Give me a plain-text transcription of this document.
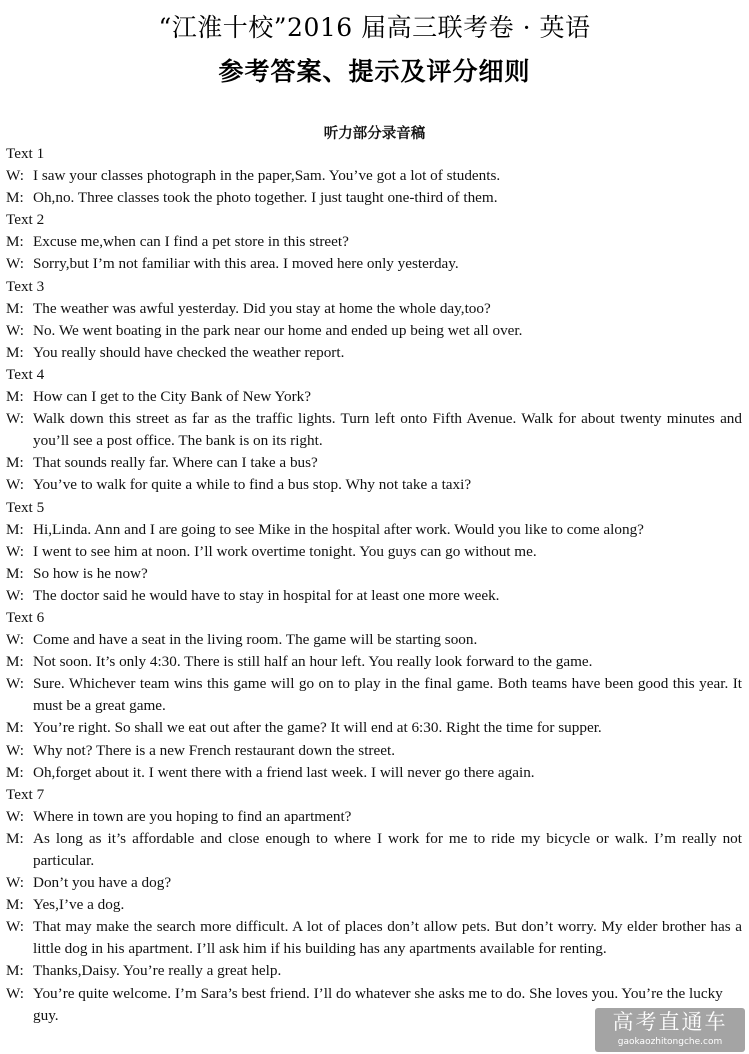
“江淮十校”2016 届高三联考卷 · 英语
参考答案、提示及评分细则
听力部分录音稿
Text 1
W: I saw your classes photograph in the paper,Sam. You’ve got a lot of students.
M: Oh,no. Three classes took the photo together. I just taught one-third of them.
Text 2
M: Excuse me,when can I find a pet store in this street?
W: Sorry,but I’m not familiar with this area. I moved here only yesterday.
Text 3
M: The weather was awful yesterday. Did you stay at home the whole day,too?
W: No. We went boating in the park near our home and ended up being wet all over.
M: You really should have checked the weather report.
Text 4
M: How can I get to the City Bank of New York?
W: Walk down this street as far as the traffic lights. Turn left onto Fifth Avenue. Walk for about twenty minutes and you’ll see a post office. The bank is on its right.
M: That sounds really far. Where can I take a bus?
W: You’ve to walk for quite a while to find a bus stop. Why not take a taxi?
Text 5
M: Hi,Linda. Ann and I are going to see Mike in the hospital after work. Would you like to come along?
W: I went to see him at noon. I’ll work overtime tonight. You guys can go without me.
M: So how is he now?
W: The doctor said he would have to stay in hospital for at least one more week.
Text 6
W: Come and have a seat in the living room. The game will be starting soon.
M: Not soon. It’s only 4:30. There is still half an hour left. You really look forward to the game.
W: Sure. Whichever team wins this game will go on to play in the final game. Both teams have been good this year. It must be a great game.
M: You’re right. So shall we eat out after the game? It will end at 6:30. Right the time for supper.
W: Why not? There is a new French restaurant down the street.
M: Oh,forget about it. I went there with a friend last week. I will never go there again.
Text 7
W: Where in town are you hoping to find an apartment?
M: As long as it’s affordable and close enough to where I work for me to ride my bicycle or walk. I’m really not particular.
W: Don’t you have a dog?
M: Yes,I’ve a dog.
W: That may make the search more difficult. A lot of places don’t allow pets. But don’t worry. My elder brother has a little dog in his apartment. I’ll ask him if his building has any apartments available for renting.
M: Thanks,Daisy. You’re really a great help.
W: You’re quite welcome. I’m Sara’s best friend. I’ll do whatever she asks me to do. She loves you. You’re the lucky guy.	高考直通车
gaokaozhitongche.com
